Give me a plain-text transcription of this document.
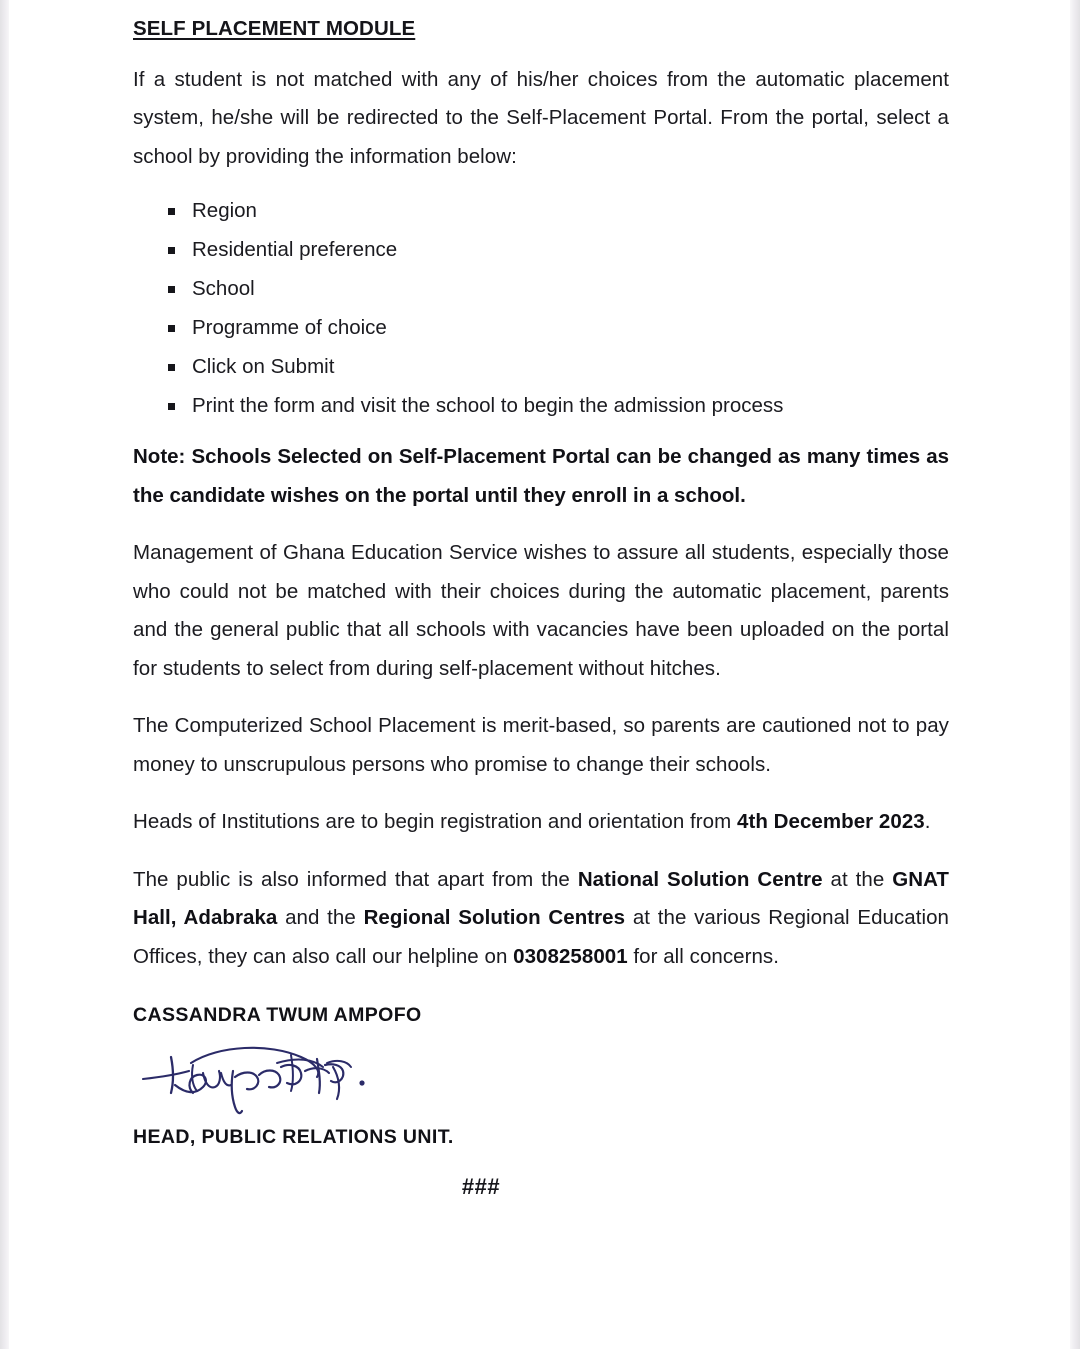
SELF PLACEMENT MODULE

If a student is not matched with any of his/her choices from the automatic placement system, he/she will be redirected to the Self-Placement Portal. From the portal, select a school by providing the information below:

Region
Residential preference
School
Programme of choice
Click on Submit
Print the form and visit the school to begin the admission process

Note: Schools Selected on Self-Placement Portal can be changed as many times as the candidate wishes on the portal until they enroll in a school.

Management of Ghana Education Service wishes to assure all students, especially those who could not be matched with their choices during the automatic placement, parents and the general public that all schools with vacancies have been uploaded on the portal for students to select from during self-placement without hitches.

The Computerized School Placement is merit-based, so parents are cautioned not to pay money to unscrupulous persons who promise to change their schools.

Heads of Institutions are to begin registration and orientation from 4th December 2023.

The public is also informed that apart from the National Solution Centre at the GNAT Hall, Adabraka and the Regional Solution Centres at the various Regional Education Offices, they can also call our helpline on 0308258001 for all concerns.

CASSANDRA TWUM AMPOFO

HEAD, PUBLIC RELATIONS UNIT.

###
